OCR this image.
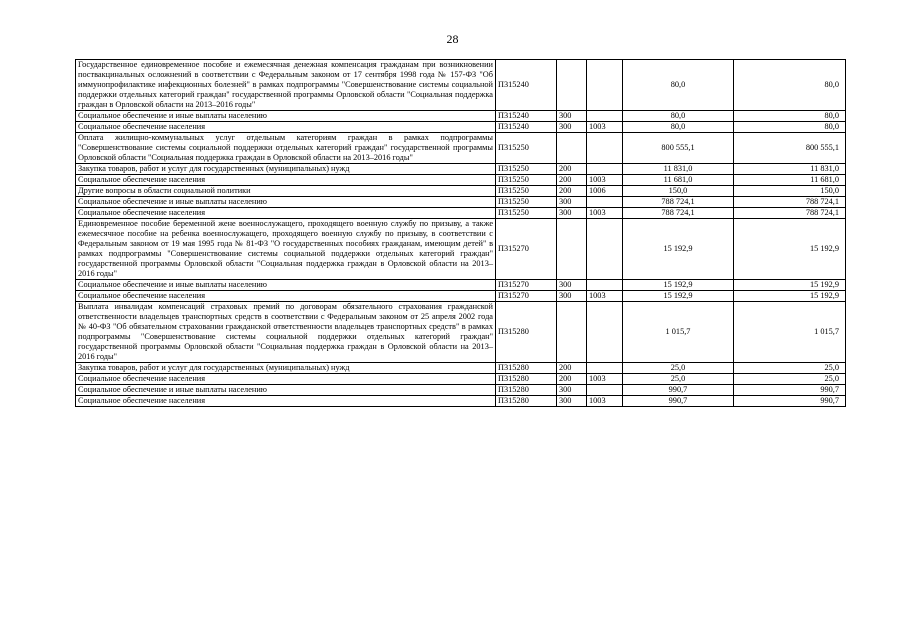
28
Государственное единовременное пособие и ежемесячная денежная компенсация гражданам при возникновении поствакцинальных осложнений в соответствии с Федеральным законом от 17 сентября 1998 года № 157-ФЗ "Об иммунопрофилактике инфекционных болезней" в рамках подпрограммы "Совершенствование системы социальной поддержки отдельных категорий граждан" государственной программы Орловской области "Социальная поддержка граждан в Орловской области на 2013–2016 годы"	П315240			80,0	80,0
Социальное обеспечение и иные выплаты населению	П315240	300		80,0	80,0
Социальное обеспечение населения	П315240	300	1003	80,0	80,0
Оплата жилищно-коммунальных услуг отдельным категориям граждан в рамках подпрограммы "Совершенствование системы социальной поддержки отдельных категорий граждан" государственной программы Орловской области "Социальная поддержка граждан в Орловской области на 2013–2016 годы"	П315250			800 555,1	800 555,1
Закупка товаров, работ и услуг для государственных (муниципальных) нужд	П315250	200		11 831,0	11 831,0
Социальное обеспечение населения	П315250	200	1003	11 681,0	11 681,0
Другие вопросы в области социальной политики	П315250	200	1006	150,0	150,0
Социальное обеспечение и иные выплаты населению	П315250	300		788 724,1	788 724,1
Социальное обеспечение населения	П315250	300	1003	788 724,1	788 724,1
Единовременное пособие беременной жене военнослужащего, проходящего военную службу по призыву, а также ежемесячное пособие на ребенка военнослужащего, проходящего военную службу по призыву, в соответствии с Федеральным законом от 19 мая 1995 года № 81-ФЗ "О государственных пособиях гражданам, имеющим детей" в рамках подпрограммы "Совершенствование системы социальной поддержки отдельных категорий граждан" государственной программы Орловской области "Социальная поддержка граждан в Орловской области на 2013–2016 годы"	П315270			15 192,9	15 192,9
Социальное обеспечение и иные выплаты населению	П315270	300		15 192,9	15 192,9
Социальное обеспечение населения	П315270	300	1003	15 192,9	15 192,9
Выплата инвалидам компенсаций страховых премий по договорам обязательного страхования гражданской ответственности владельцев транспортных средств в соответствии с Федеральным законом от 25 апреля 2002 года № 40-ФЗ "Об обязательном страховании гражданской ответственности владельцев транспортных средств" в рамках подпрограммы "Совершенствование системы социальной поддержки отдельных категорий граждан" государственной программы Орловской области "Социальная поддержка граждан в Орловской области на 2013–2016 годы"	П315280			1 015,7	1 015,7
Закупка товаров, работ и услуг для государственных (муниципальных) нужд	П315280	200		25,0	25,0
Социальное обеспечение населения	П315280	200	1003	25,0	25,0
Социальное обеспечение и иные выплаты населению	П315280	300		990,7	990,7
Социальное обеспечение населения	П315280	300	1003	990,7	990,7
